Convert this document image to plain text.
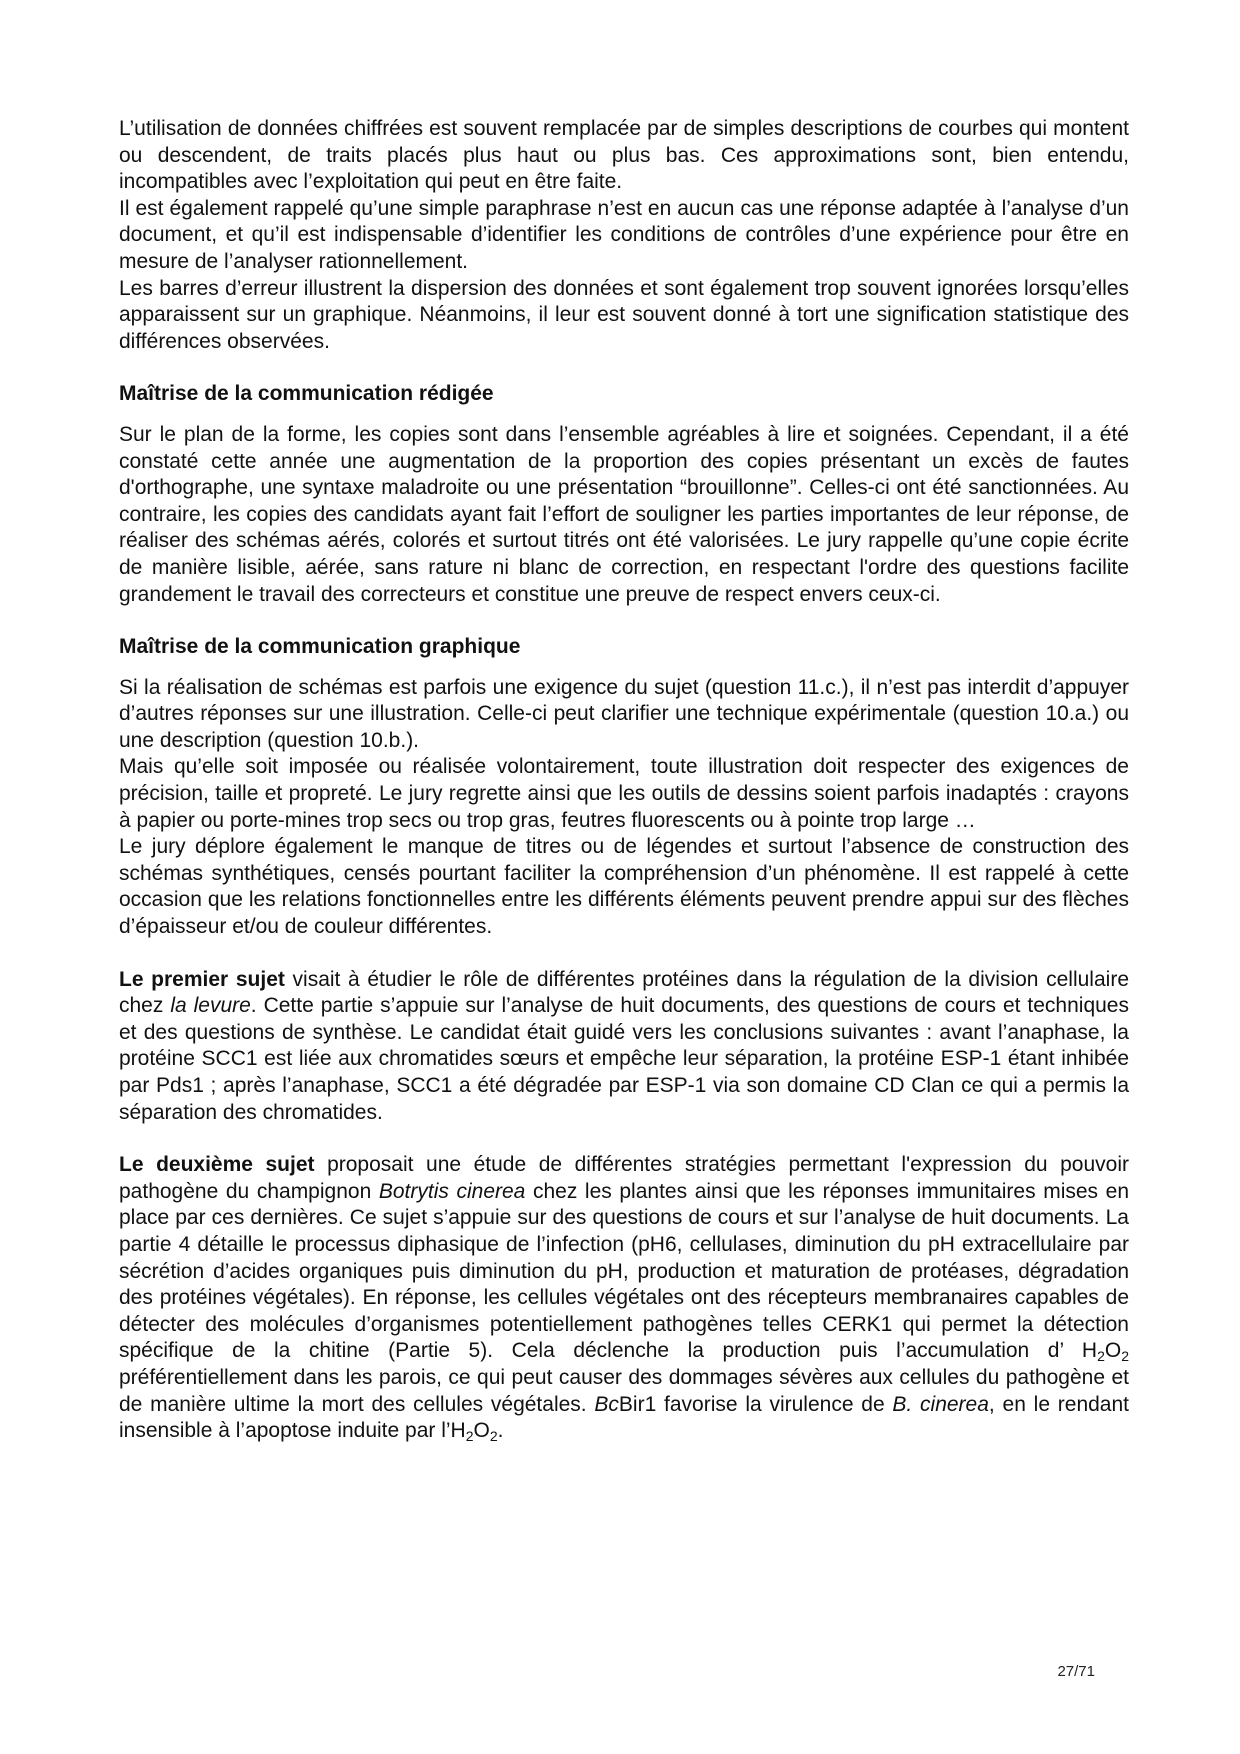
L’utilisation de données chiffrées est souvent remplacée par de simples descriptions de courbes qui montent ou descendent, de traits placés plus haut ou plus bas. Ces approximations sont, bien entendu, incompatibles avec l’exploitation qui peut en être faite.

Il est également rappelé qu’une simple paraphrase n’est en aucun cas une réponse adaptée à l’analyse d’un document, et qu’il est indispensable d’identifier les conditions de contrôles d’une expérience pour être en mesure de l’analyser rationnellement.

Les barres d’erreur illustrent la dispersion des données et sont également trop souvent ignorées lorsqu’elles apparaissent sur un graphique. Néanmoins, il leur est souvent donné à tort une signification statistique des différences observées.

Maîtrise de la communication rédigée

Sur le plan de la forme, les copies sont dans l’ensemble agréables à lire et soignées. Cependant, il a été constaté cette année une augmentation de la proportion des copies présentant un excès de fautes d'orthographe, une syntaxe maladroite ou une présentation “brouillonne”. Celles-ci ont été sanctionnées. Au contraire, les copies des candidats ayant fait l’effort de souligner les parties importantes de leur réponse, de réaliser des schémas aérés, colorés et surtout titrés ont été valorisées. Le jury rappelle qu’une copie écrite de manière lisible, aérée, sans rature ni blanc de correction, en respectant l'ordre des questions facilite grandement le travail des correcteurs et constitue une preuve de respect envers ceux-ci.

Maîtrise de la communication graphique

Si la réalisation de schémas est parfois une exigence du sujet (question 11.c.), il n’est pas interdit d’appuyer d’autres réponses sur une illustration. Celle-ci peut clarifier une technique expérimentale (question 10.a.) ou une description (question 10.b.).

Mais qu’elle soit imposée ou réalisée volontairement, toute illustration doit respecter des exigences de précision, taille et propreté. Le jury regrette ainsi que les outils de dessins soient parfois inadaptés : crayons à papier ou porte-mines trop secs ou trop gras, feutres fluorescents ou à pointe trop large …

Le jury déplore également le manque de titres ou de légendes et surtout l’absence de construction des schémas synthétiques, censés pourtant faciliter la compréhension d’un phénomène. Il est rappelé à cette occasion que les relations fonctionnelles entre les différents éléments peuvent prendre appui sur des flèches d’épaisseur et/ou de couleur différentes.

Le premier sujet visait à étudier le rôle de différentes protéines dans la régulation de la division cellulaire chez la levure. Cette partie s’appuie sur l’analyse de huit documents, des questions de cours et techniques et des questions de synthèse. Le candidat était guidé vers les conclusions suivantes : avant l’anaphase, la protéine SCC1 est liée aux chromatides sœurs et empêche leur séparation, la protéine ESP-1 étant inhibée par Pds1 ; après l’anaphase, SCC1 a été dégradée par ESP-1 via son domaine CD Clan ce qui a permis la séparation des chromatides.

Le deuxième sujet proposait une étude de différentes stratégies permettant l'expression du pouvoir pathogène du champignon Botrytis cinerea chez les plantes ainsi que les réponses immunitaires mises en place par ces dernières. Ce sujet s’appuie sur des questions de cours et sur l’analyse de huit documents. La partie 4 détaille le processus diphasique de l’infection (pH6, cellulases, diminution du pH extracellulaire par sécrétion d’acides organiques puis diminution du pH, production et maturation de protéases, dégradation des protéines végétales). En réponse, les cellules végétales ont des récepteurs membranaires capables de détecter des molécules d’organismes potentiellement pathogènes telles CERK1 qui permet la détection spécifique de la chitine (Partie 5). Cela déclenche la production puis l’accumulation d’ $H_2O_2$ préférentiellement dans les parois, ce qui peut causer des dommages sévères aux cellules du pathogène et de manière ultime la mort des cellules végétales. BcBir1 favorise la virulence de B. cinerea, en le rendant insensible à l’apoptose induite par $l’H_2O_2$.

27/71
